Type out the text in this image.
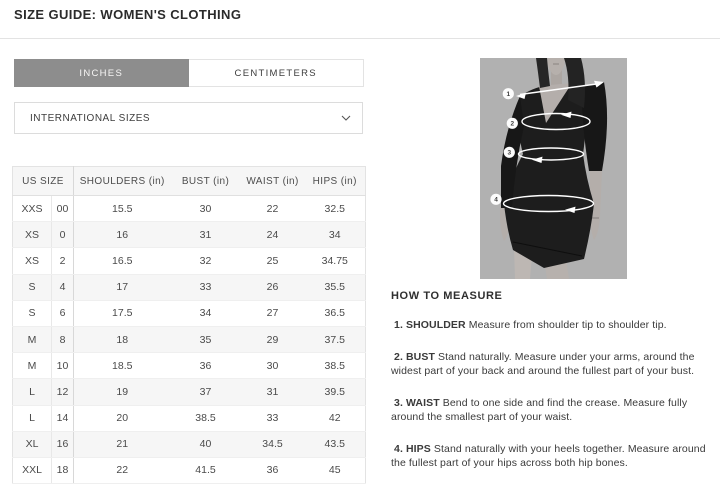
SIZE GUIDE: WOMEN'S CLOTHING
INCHES	CENTIMETERS
INTERNATIONAL SIZES
US SIZE		SHOULDERS (in)	BUST (in)	WAIST (in)	HIPS (in)
XXS	00	15.5	30	22	32.5
XS	0	16	31	24	34
XS	2	16.5	32	25	34.75
S	4	17	33	26	35.5
S	6	17.5	34	27	36.5
M	8	18	35	29	37.5
M	10	18.5	36	30	38.5
L	12	19	37	31	39.5
L	14	20	38.5	33	42
XL	16	21	40	34.5	43.5
XXL	18	22	41.5	36	45
1
2
3
4
HOW TO MEASURE

1. SHOULDER Measure from shoulder tip to shoulder tip.

2. BUST Stand naturally. Measure under your arms, around the widest part of your back and around the fullest part of your bust.

3. WAIST Bend to one side and find the crease. Measure fully around the smallest part of your waist.

4. HIPS Stand naturally with your heels together. Measure around the fullest part of your hips across both hip bones.
